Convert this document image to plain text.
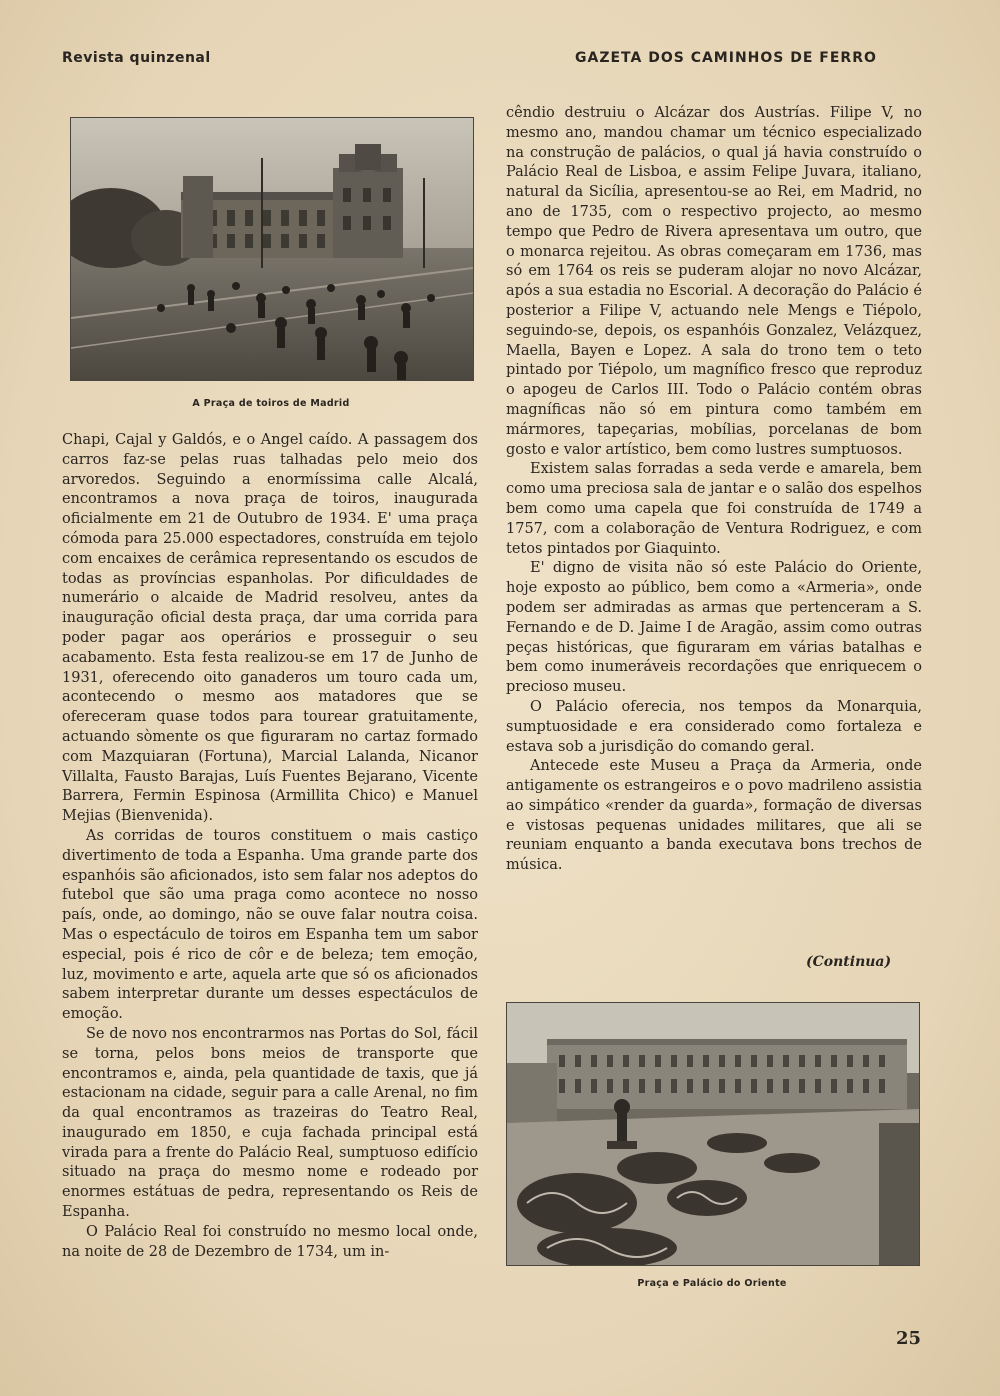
Revista quinzenal	GAZETA DOS CAMINHOS DE FERRO
A Praça de toiros de Madrid

Chapi, Cajal y Galdós, e o Angel caído. A passagem dos carros faz-se pelas ruas talhadas pelo meio dos arvoredos. Seguindo a enormíssima calle Alcalá, encontramos a nova praça de toiros, inaugurada oficialmente em 21 de Outubro de 1934. E' uma praça cómoda para 25.000 espectadores, construída em tejolo com encaixes de cerâmica representando os escudos de todas as províncias espanholas. Por dificuldades de numerário o alcaide de Madrid resolveu, antes da inauguração oficial desta praça, dar uma corrida para poder pagar aos operários e prosseguir o seu acabamento. Esta festa realizou-se em 17 de Junho de 1931, oferecendo oito ganaderos um touro cada um, acontecendo o mesmo aos matadores que se ofereceram quase todos para tourear gratuitamente, actuando sòmente os que figuraram no cartaz formado com Mazquiaran (Fortuna), Marcial Lalanda, Nicanor Villalta, Fausto Barajas, Luís Fuentes Bejarano, Vicente Barrera, Fermin Espinosa (Armillita Chico) e Manuel Mejias (Bienvenida).

As corridas de touros constituem o mais castiço divertimento de toda a Espanha. Uma grande parte dos espanhóis são aficionados, isto sem falar nos adeptos do futebol que são uma praga como acontece no nosso país, onde, ao domingo, não se ouve falar noutra coisa. Mas o espectáculo de toiros em Espanha tem um sabor especial, pois é rico de côr e de beleza; tem emoção, luz, movimento e arte, aquela arte que só os aficionados sabem interpretar durante um desses espectáculos de emoção.

Se de novo nos encontrarmos nas Portas do Sol, fácil se torna, pelos bons meios de transporte que encontramos e, ainda, pela quantidade de taxis, que já estacionam na cidade, seguir para a calle Arenal, no fim da qual encontramos as trazeiras do Teatro Real, inaugurado em 1850, e cuja fachada principal está virada para a frente do Palácio Real, sumptuoso edifício situado na praça do mesmo nome e rodeado por enormes estátuas de pedra, representando os Reis de Espanha.

O Palácio Real foi construído no mesmo local onde, na noite de 28 de Dezembro de 1734, um in-

cêndio destruiu o Alcázar dos Austrías. Filipe V, no mesmo ano, mandou chamar um técnico especializado na construção de palácios, o qual já havia construído o Palácio Real de Lisboa, e assim Felipe Juvara, italiano, natural da Sicília, apresentou-se ao Rei, em Madrid, no ano de 1735, com o respectivo projecto, ao mesmo tempo que Pedro de Rivera apresentava um outro, que o monarca rejeitou. As obras começaram em 1736, mas só em 1764 os reis se puderam alojar no novo Alcázar, após a sua estadia no Escorial. A decoração do Palácio é posterior a Filipe V, actuando nele Mengs e Tiépolo, seguindo-se, depois, os espanhóis Gonzalez, Velázquez, Maella, Bayen e Lopez. A sala do trono tem o teto pintado por Tiépolo, um magnífico fresco que reproduz o apogeu de Carlos III. Todo o Palácio contém obras magníficas não só em pintura como também em mármores, tapeçarias, mobílias, porcelanas de bom gosto e valor artístico, bem como lustres sumptuosos.

Existem salas forradas a seda verde e amarela, bem como uma preciosa sala de jantar e o salão dos espelhos bem como uma capela que foi construída de 1749 a 1757, com a colaboração de Ventura Rodriguez, e com tetos pintados por Giaquinto.

E' digno de visita não só este Palácio do Oriente, hoje exposto ao público, bem como a «Armeria», onde podem ser admiradas as armas que pertenceram a S. Fernando e de D. Jaime I de Aragão, assim como outras peças históricas, que figuraram em várias batalhas e bem como inumeráveis recordações que enriquecem o precioso museu.

O Palácio oferecia, nos tempos da Monarquia, sumptuosidade e era considerado como fortaleza e estava sob a jurisdição do comando geral.

Antecede este Museu a Praça da Armeria, onde antigamente os estrangeiros e o povo madrileno assistia ao simpático «render da guarda», formação de diversas e vistosas pequenas unidades militares, que ali se reuniam enquanto a banda executava bons trechos de música.

(Continua)
Praça e Palácio do Oriente
25
